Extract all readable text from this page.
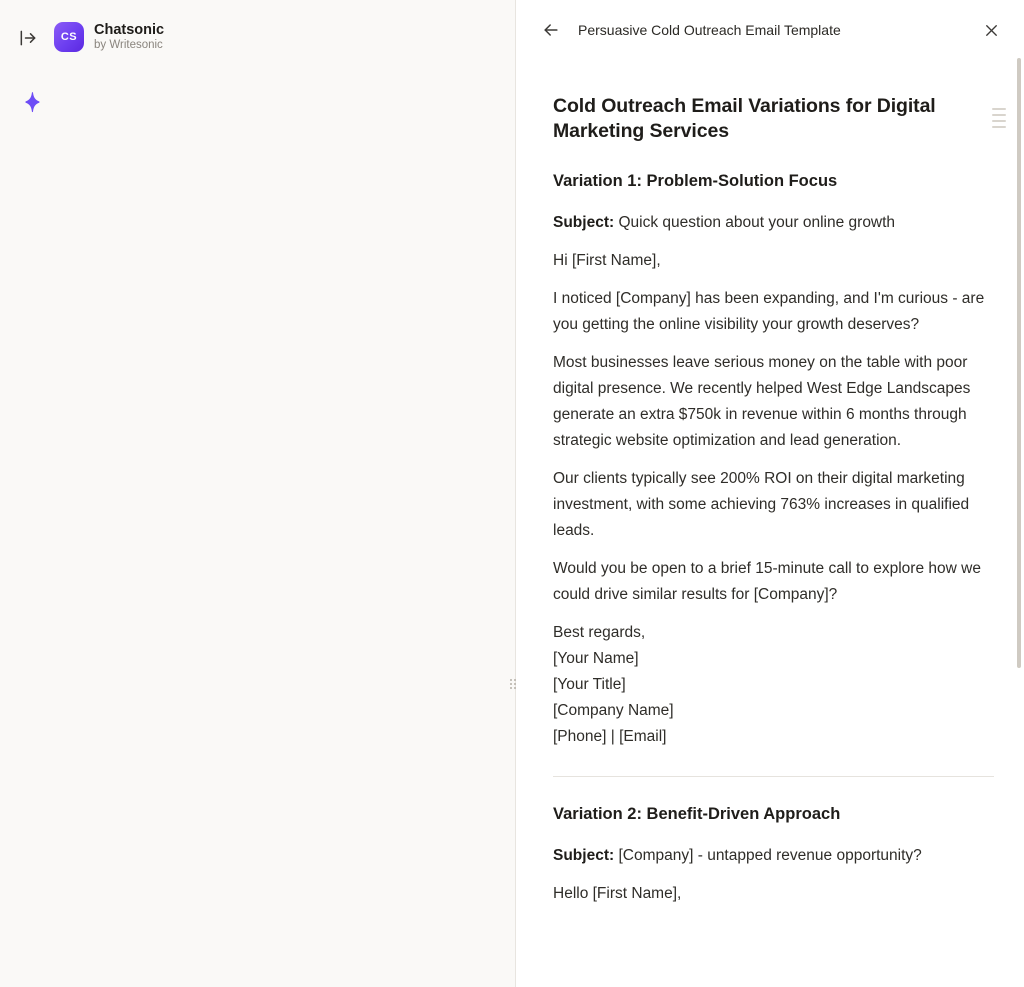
CS	Chatsonic
by Writesonic
Persuasive Cold Outreach Email Template
Cold Outreach Email Variations for Digital Marketing Services
Variation 1: Problem-Solution Focus

Subject: Quick question about your online growth

Hi [First Name],

I noticed [Company] has been expanding, and I'm curious - are you getting the online visibility your growth deserves?

Most businesses leave serious money on the table with poor digital presence. We recently helped West Edge Landscapes generate an extra $750k in revenue within 6 months through strategic website optimization and lead generation.

Our clients typically see 200% ROI on their digital marketing investment, with some achieving 763% increases in qualified leads.

Would you be open to a brief 15-minute call to explore how we could drive similar results for [Company]?

Best regards,
[Your Name]
[Your Title]
[Company Name]
[Phone] | [Email]
Variation 2: Benefit-Driven Approach

Subject: [Company] - untapped revenue opportunity?

Hello [First Name],
